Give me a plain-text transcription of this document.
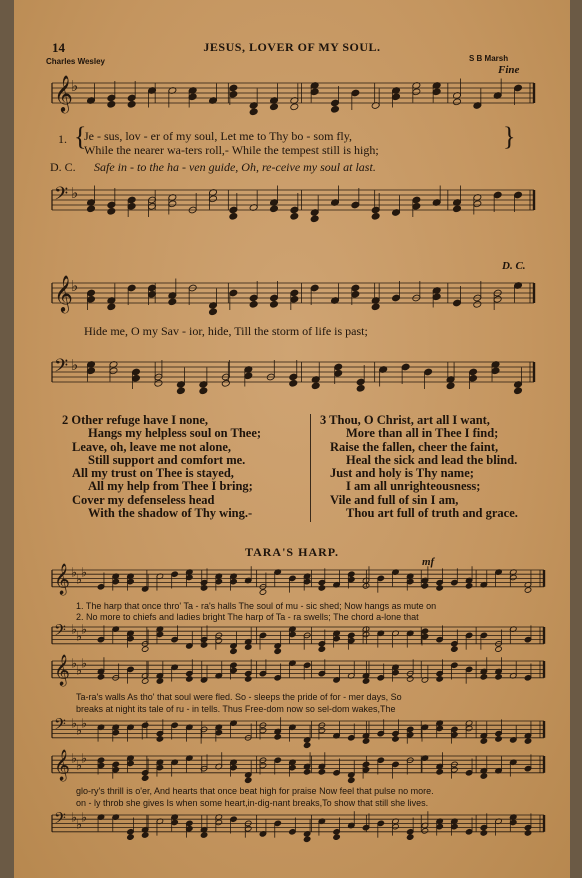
14	JESUS, LOVER OF MY SOUL.
Charles Wesley	S B Marsh
Fine
𝄞
♭
1. {
Je - sus, lov - er of my soul, Let me to Thy bo - som fly,
While the nearer wa-ters roll,- While the tempest still is high;	}
D. C. Safe in - to the ha - ven guide, Oh, re-ceive my soul at last.
𝄢 ♭
D. C.
𝄞
♭
Hide me, O my Sav - ior, hide, Till the storm of life is past;
𝄢 ♭
2 Other refuge have I none,
Hangs my helpless soul on Thee;
Leave, oh, leave me not alone,
Still support and comfort me.
All my trust on Thee is stayed,
All my help from Thee I bring;
Cover my defenseless head
With the shadow of Thy wing.-
3 Thou, O Christ, art all I want,
More than all in Thee I find;
Raise the fallen, cheer the faint,
Heal the sick and lead the blind.
Just and holy is Thy name;
I am all unrighteousness;
Vile and full of sin I am,
Thou art full of truth and grace.
TARA'S HARP.
mf
𝄞 ♭ ♭ ♭
1. The harp that once thro' Ta - ra's halls The soul of mu - sic shed; Now hangs as mute on
2. No more to chiefs and ladies bright The harp of Ta - ra swells; The chord a-lone that
𝄢 ♭ ♭ ♭
𝄞 ♭ ♭ ♭
Ta-ra's walls As tho' that soul were fled. So - sleeps the pride of for - mer days, So
breaks at night its tale of ru - in tells. Thus Free-dom now so sel-dom wakes,The
𝄢 ♭ ♭ ♭
𝄞 ♭ ♭ ♭
glo-ry's thrill is o'er, And hearts that once beat high for praise Now feel that pulse no more.
on - ly throb she gives Is when some heart,in-dig-nant breaks,To show that still she lives.
𝄢 ♭ ♭ ♭
